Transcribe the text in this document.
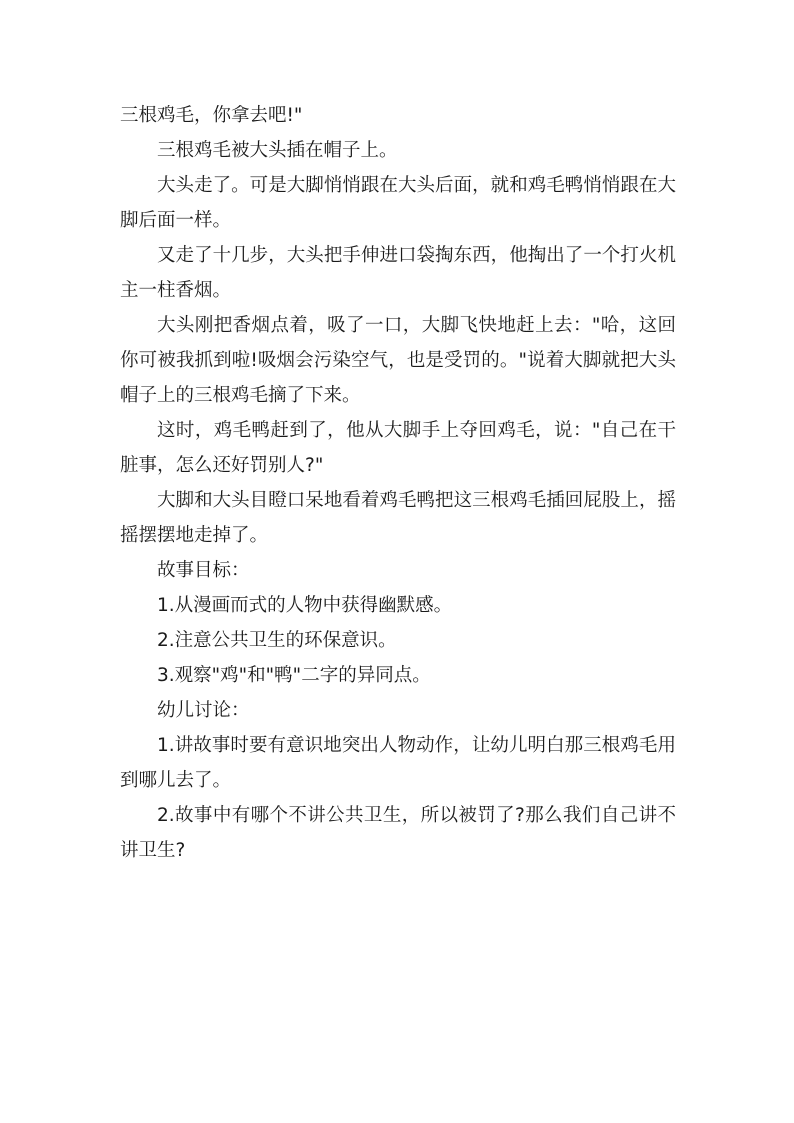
三根鸡毛，你拿去吧!"

三根鸡毛被大头插在帽子上。

大头走了。可是大脚悄悄跟在大头后面，就和鸡毛鸭悄悄跟在大脚后面一样。

又走了十几步，大头把手伸进口袋掏东西，他掏出了一个打火机主一柱香烟。

大头刚把香烟点着，吸了一口，大脚飞快地赶上去："哈，这回你可被我抓到啦!吸烟会污染空气，也是受罚的。"说着大脚就把大头帽子上的三根鸡毛摘了下来。

这时，鸡毛鸭赶到了，他从大脚手上夺回鸡毛，说："自己在干脏事，怎么还好罚别人?"

大脚和大头目瞪口呆地看着鸡毛鸭把这三根鸡毛插回屁股上，摇摇摆摆地走掉了。

故事目标：

1.从漫画而式的人物中获得幽默感。

2.注意公共卫生的环保意识。

3.观察"鸡"和"鸭"二字的异同点。

幼儿讨论：

1.讲故事时要有意识地突出人物动作，让幼儿明白那三根鸡毛用到哪儿去了。

2.故事中有哪个不讲公共卫生，所以被罚了?那么我们自己讲不讲卫生?
